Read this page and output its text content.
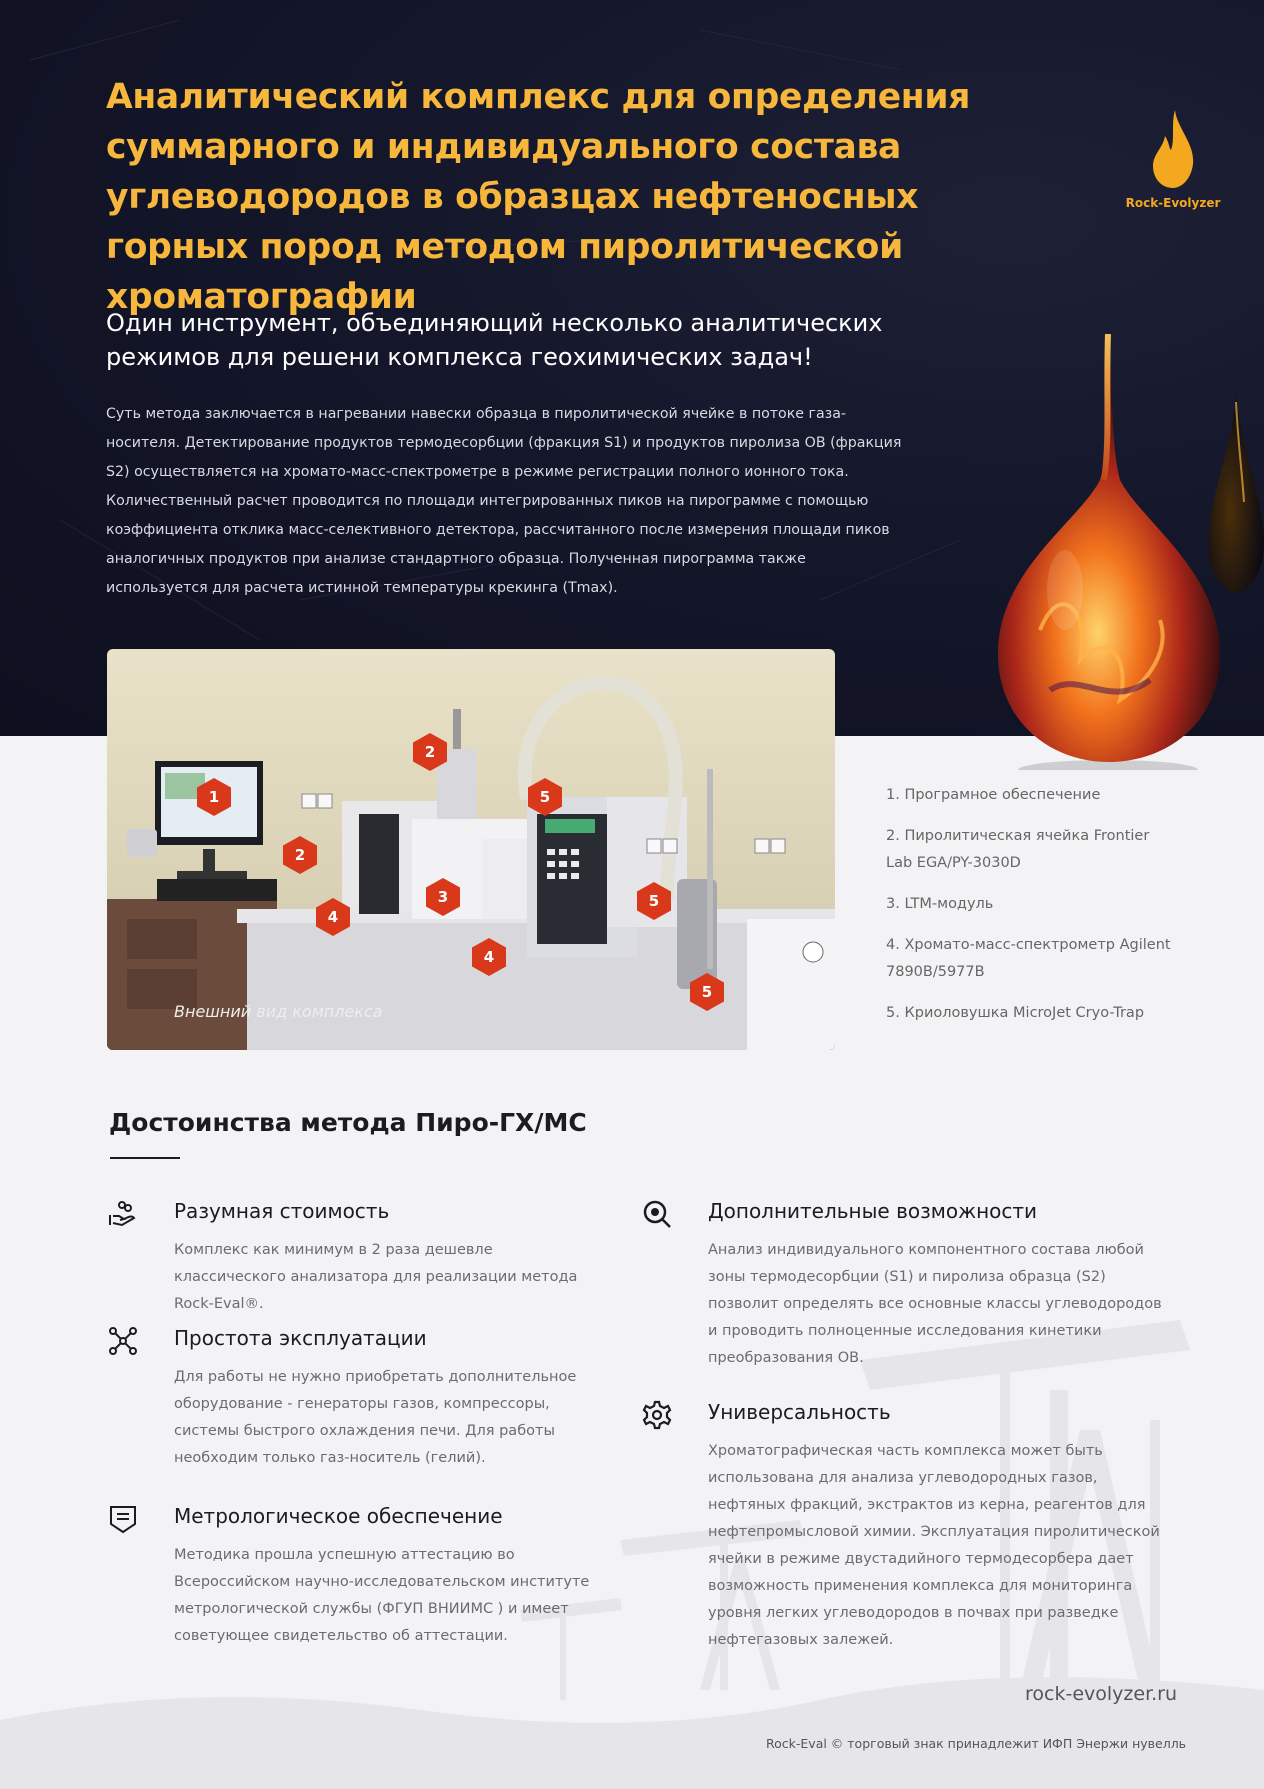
Аналитический комплекс для определения суммарного и индивидуального состава углеводородов в образцах нефтеносных горных пород методом пиролитической хроматографии
Один инструмент, объединяющий несколько аналитических режимов для решени комплекса геохимических задач!
Суть метода заключается в нагревании навески образца в пиролитической ячейке в потоке газа-носителя. Детектирование продуктов термодесорбции (фракция S1) и продуктов пиролиза ОВ (фракция S2) осуществляется на хромато-масс-спектрометре в режиме регистрации полного ионного тока. Количественный расчет проводится по площади интегрированных пиков на пирограмме с помощью коэффициента отклика масс-селективного детектора, рассчитанного после измерения площади пиков аналогичных продуктов при анализе стандартного образца. Полученная пирограмма также используется для расчета истинной температуры крекинга (Tmax).
Rock-Evolyzer
1
2
2
5
4
3	5
4
5
Внешний вид комплекса
1. Програмное обеспечение
2. Пиролитическая ячейка Frontier Lab EGA/PY-3030D
3. LTM-модуль
4. Хромато-масс-спектрометр Agilent 7890B/5977B
5. Криоловушка MicroJet Cryo-Trap
Достоинства метода Пиро-ГХ/МС
Разумная стоимость

Комплекс как минимум в 2 раза дешевле классического анализатора для реализации метода Rock-Eval®.

Простота эксплуатации

Для работы не нужно приобретать дополнительное оборудование - генераторы газов, компрессоры, системы быстрого охлаждения печи. Для работы необходим только газ-носитель (гелий).

Метрологическое обеспечение

Методика прошла успешную аттестацию во Всероссийском научно-исследовательском институте метрологической службы (ФГУП ВНИИМС ) и имеет советующее свидетельство об аттестации.

Дополнительные возможности

Анализ индивидуального компонентного состава любой зоны термодесорбции (S1) и пиролиза образца (S2) позволит определять все основные классы углеводородов и проводить полноценные исследования кинетики преобразования ОВ.

Универсальность

Хроматографическая часть комплекса может быть использована для анализа углеводородных газов, нефтяных фракций, экстрактов из керна, реагентов для нефтепромысловой химии. Эксплуатация пиролитической ячейки в режиме двустадийного термодесорбера дает возможность применения комплекса для мониторинга уровня легких углеводородов в почвах при разведке нефтегазовых залежей.

rock-evolyzer.ru
Rock-Eval © торговый знак принадлежит ИФП Энержи нувелль
